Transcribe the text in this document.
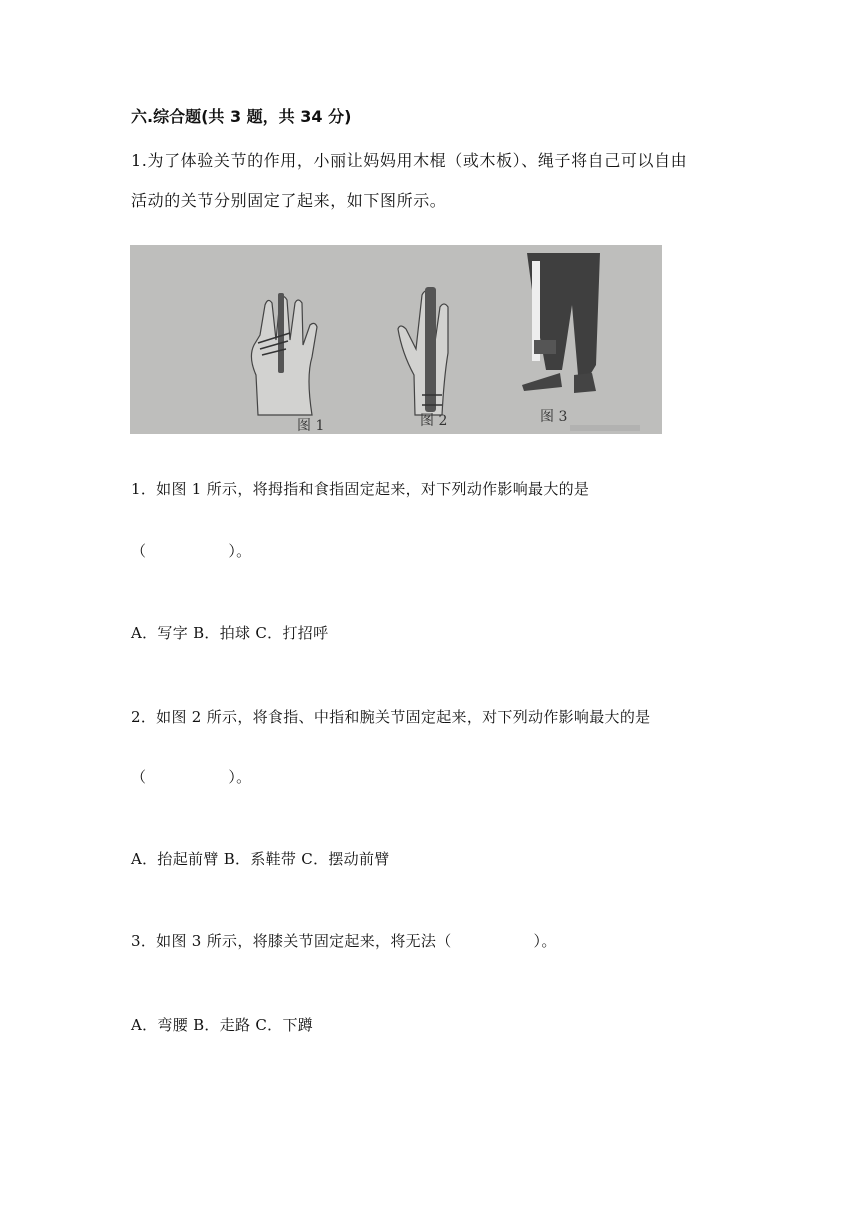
六.综合题(共 3 题，共 34 分)
1.为了体验关节的作用，小丽让妈妈用木棍（或木板）、绳子将自己可以自由
活动的关节分别固定了起来，如下图所示。
图 1	图 2	图 3
1．如图 1 所示，将拇指和食指固定起来，对下列动作影响最大的是
（	）。
A．写字 B．拍球 C．打招呼
2．如图 2 所示，将食指、中指和腕关节固定起来，对下列动作影响最大的是
（	）。
A．抬起前臂 B．系鞋带 C．摆动前臂
3．如图 3 所示，将膝关节固定起来，将无法（	）。
A．弯腰 B．走路 C．下蹲
